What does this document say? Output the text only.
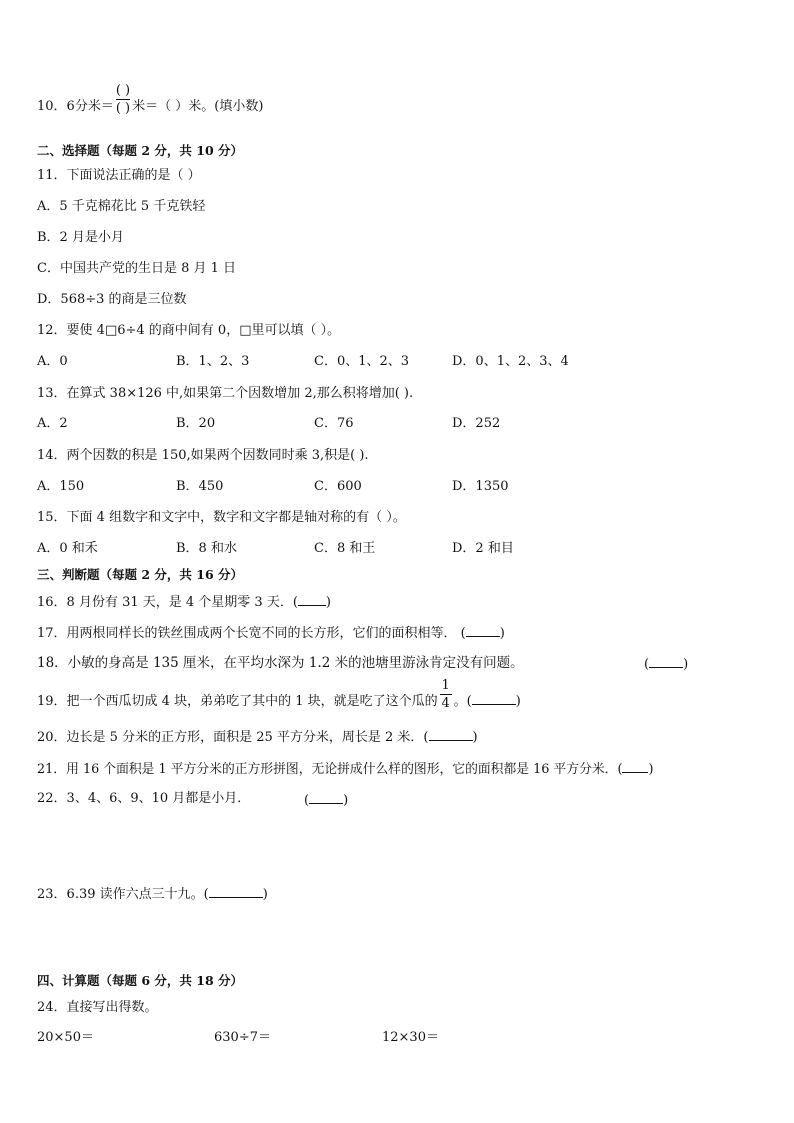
10．6分米＝ $\frac{( )}{( )}$ 米＝（ ）米。(填小数)
二、选择题（每题 2 分，共 10 分）
11．下面说法正确的是（ ）
A．5 千克棉花比 5 千克铁轻
B．2 月是小月
C．中国共产党的生日是 8 月 1 日
D．568÷3 的商是三位数
12．要使 4□6÷4 的商中间有 0，□里可以填（ ）。
A．0	B．1、2、3	C．0、1、2、3	D．0、1、2、3、4
13．在算式 38×126 中,如果第二个因数增加 2,那么积将增加( ).
A．2	B．20	C．76	D．252
14．两个因数的积是 150,如果两个因数同时乘 3,积是( ).
A．150	B．450	C．600	D．1350
15．下面 4 组数字和文字中，数字和文字都是轴对称的有（ ）。
A．0 和禾	B．8 和水	C．8 和王	D．2 和目
三、判断题（每题 2 分，共 16 分）
16．8 月份有 31 天，是 4 个星期零 3 天．( )
17．用两根同样长的铁丝围成两个长宽不同的长方形，它们的面积相等． (	)
18．小敏的身高是 135 厘米，在平均水深为 1.2 米的池塘里游泳肯定没有问题。	(	)
19．把一个西瓜切成 4 块，弟弟吃了其中的 1 块，就是吃了这个瓜的 $\frac{1}{4}$ 。(	)
20．边长是 5 分米的正方形，面积是 25 平方分米，周长是 2 米．(	)
21．用 16 个面积是 1 平方分米的正方形拼图，无论拼成什么样的图形，它的面积都是 16 平方分米．( )
22．3、4、6、9、10 月都是小月．	(	)
23．6.39 读作六点三十九。(	)
四、计算题（每题 6 分，共 18 分）
24．直接写出得数。
20×50＝	630÷7＝	12×30＝
